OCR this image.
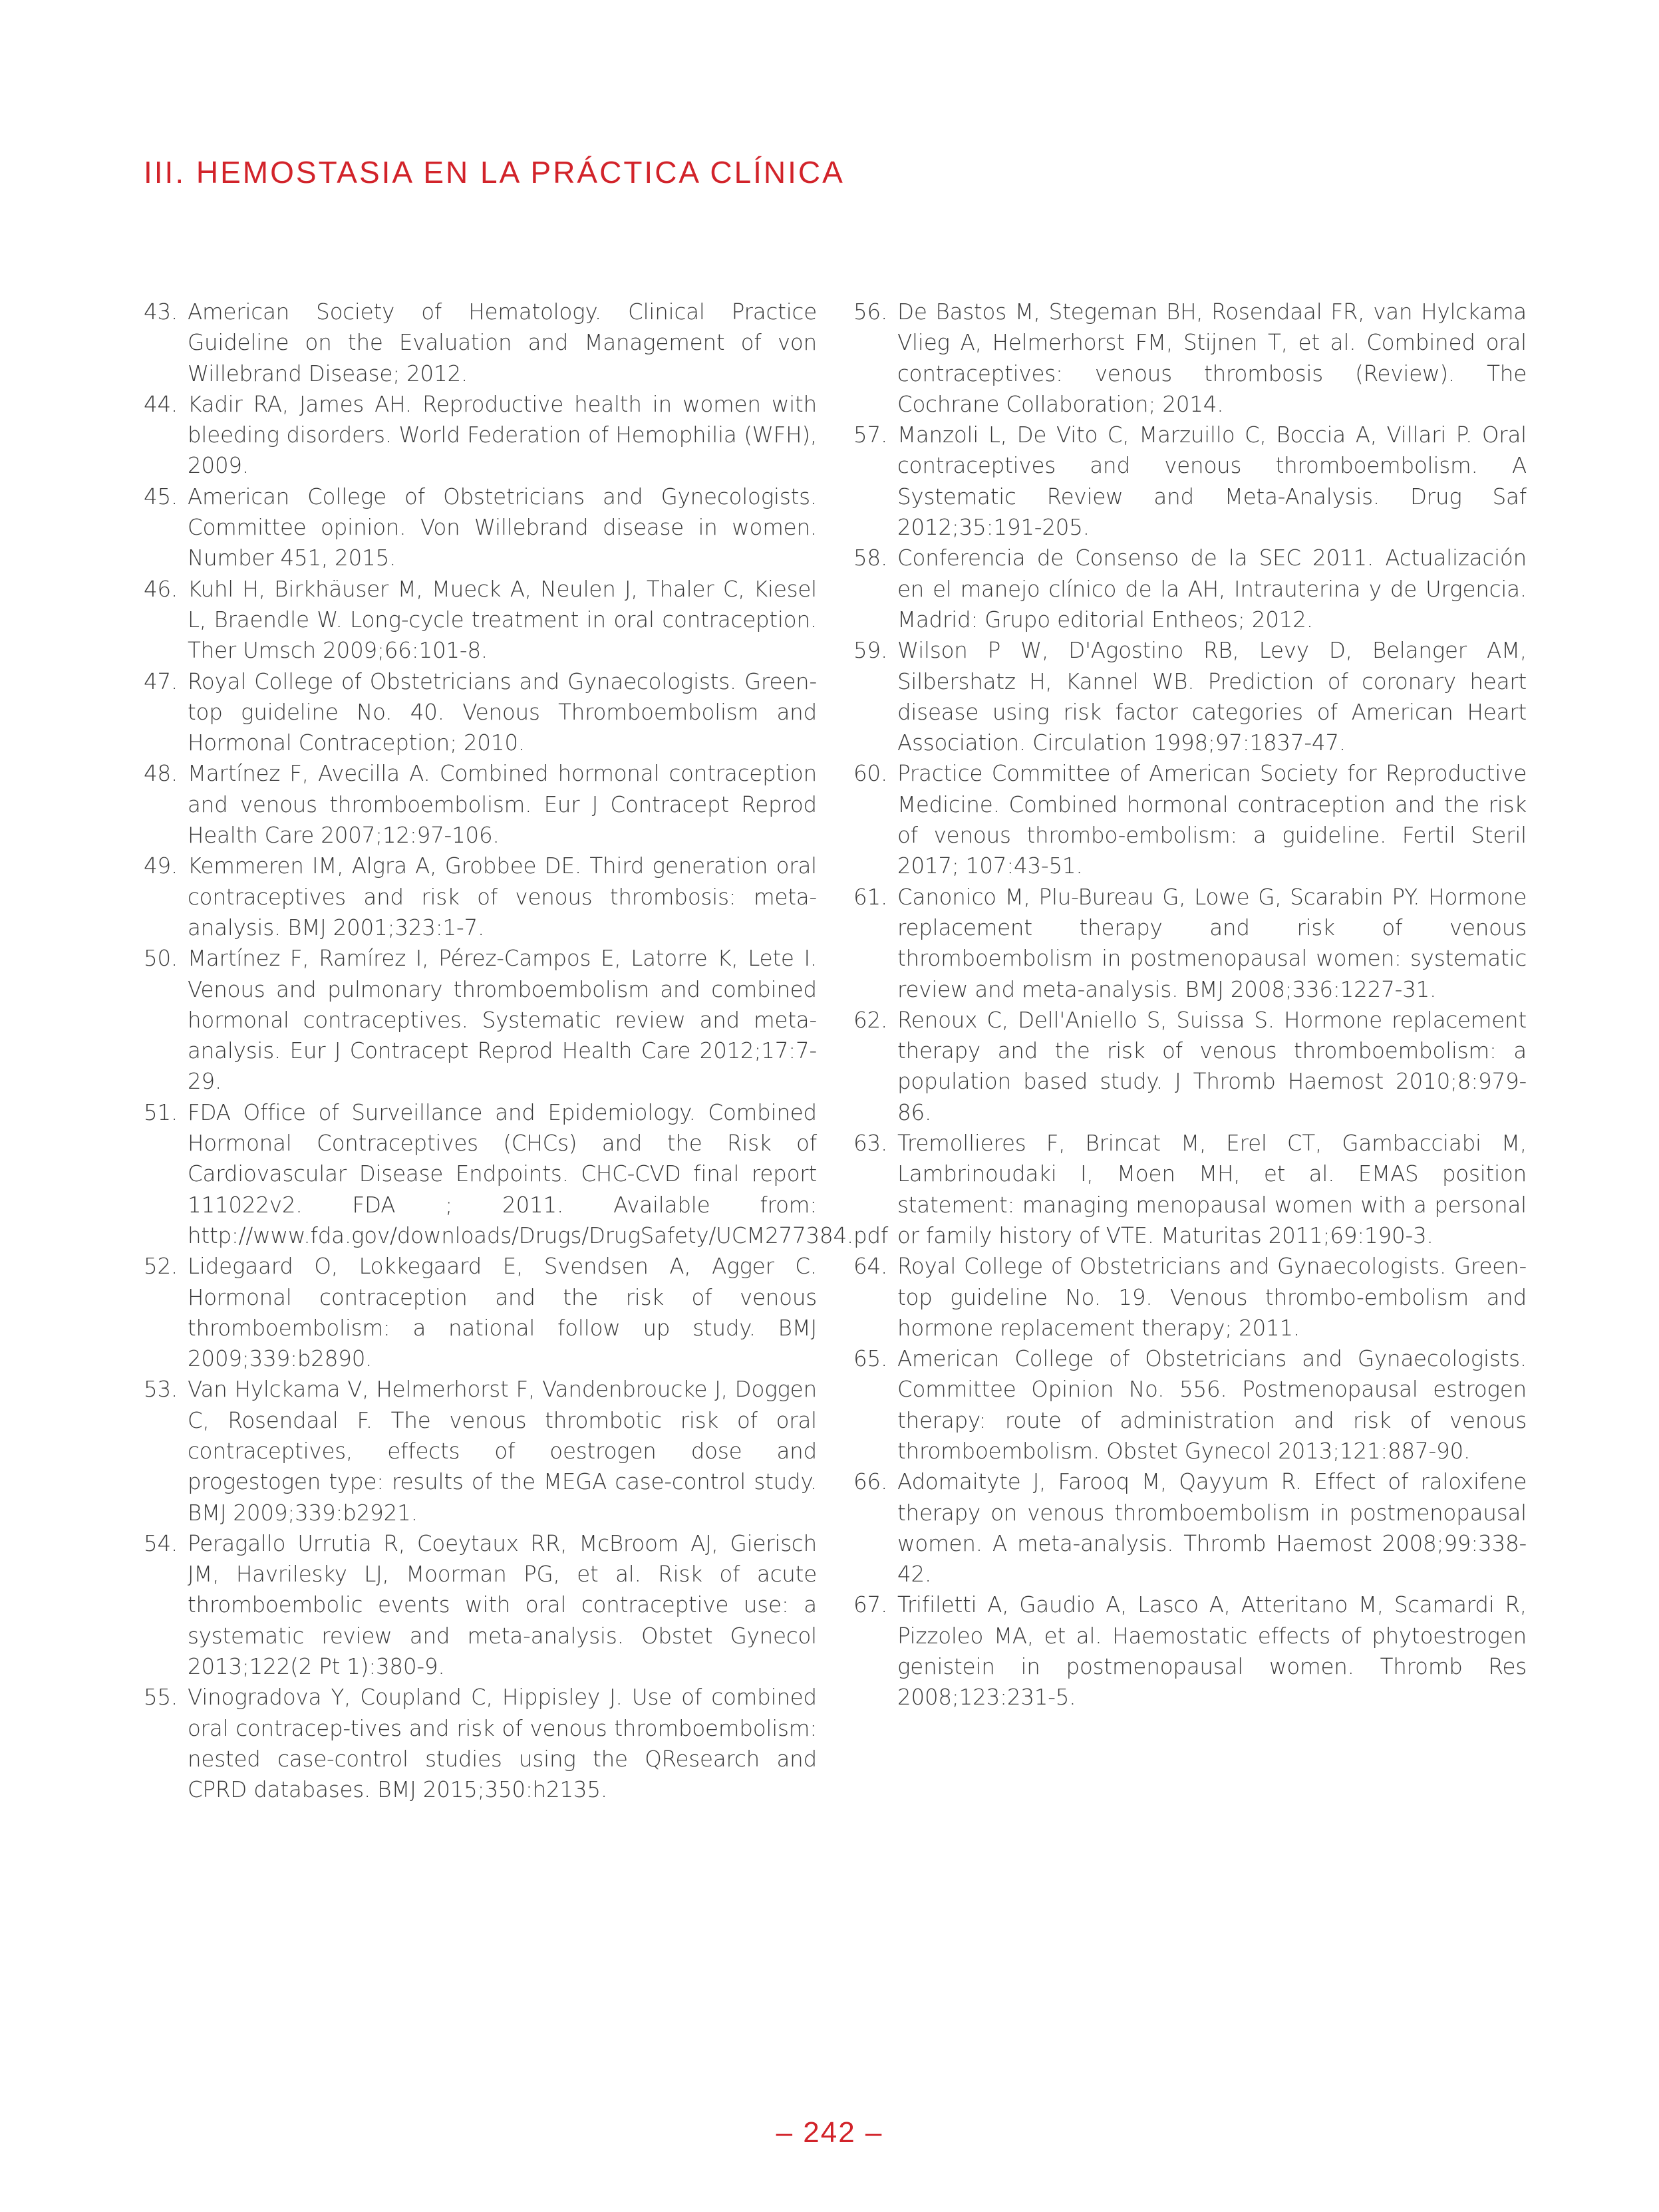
III. HEMOSTASIA EN LA PRÁCTICA CLÍNICA
43. American Society of Hematology. Clinical Practice Guideline on the Evaluation and Management of von Willebrand Disease; 2012.
44. Kadir RA, James AH. Reproductive health in women with bleeding disorders. World Federation of Hemophilia (WFH), 2009.
45. American College of Obstetricians and Gynecologists. Committee opinion. Von Willebrand disease in women. Number 451, 2015.
46. Kuhl H, Birkhäuser M, Mueck A, Neulen J, Thaler C, Kiesel L, Braendle W. Long-cycle treatment in oral contraception. Ther Umsch 2009;66:101-8.
47. Royal College of Obstetricians and Gynaecologists. Green-top guideline No. 40. Venous Thromboembolism and Hormonal Contraception; 2010.
48. Martínez F, Avecilla A. Combined hormonal contraception and venous thromboembolism. Eur J Contracept Reprod Health Care 2007;12:97-106.
49. Kemmeren IM, Algra A, Grobbee DE. Third generation oral contraceptives and risk of venous thrombosis: meta-analysis. BMJ 2001;323:1-7.
50. Martínez F, Ramírez I, Pérez-Campos E, Latorre K, Lete I. Venous and pulmonary thromboembolism and combined hormonal contraceptives. Systematic review and meta-analysis. Eur J Contracept Reprod Health Care 2012;17:7-29.
51. FDA Office of Surveillance and Epidemiology. Combined Hormonal Contraceptives (CHCs) and the Risk of Cardiovascular Disease Endpoints. CHC-CVD final report 111022v2. FDA ; 2011. Available from: http://www.fda.gov/downloads/Drugs/DrugSafety/UCM277384.pdf
52. Lidegaard O, Lokkegaard E, Svendsen A, Agger C. Hormonal contraception and the risk of venous thromboembolism: a national follow up study. BMJ 2009;339:b2890.
53. Van Hylckama V, Helmerhorst F, Vandenbroucke J, Doggen C, Rosendaal F. The venous thrombotic risk of oral contraceptives, effects of oestrogen dose and progestogen type: results of the MEGA case-control study. BMJ 2009;339:b2921.
54. Peragallo Urrutia R, Coeytaux RR, McBroom AJ, Gierisch JM, Havrilesky LJ, Moorman PG, et al. Risk of acute thromboembolic events with oral contraceptive use: a systematic review and meta-analysis. Obstet Gynecol 2013;122(2 Pt 1):380-9.
55. Vinogradova Y, Coupland C, Hippisley J. Use of combined oral contracep-tives and risk of venous thromboembolism: nested case-control studies using the QResearch and CPRD databases. BMJ 2015;350:h2135.
56. De Bastos M, Stegeman BH, Rosendaal FR, van Hylckama Vlieg A, Helmerhorst FM, Stijnen T, et al. Combined oral contraceptives: venous thrombosis (Review). The Cochrane Collaboration; 2014.
57. Manzoli L, De Vito C, Marzuillo C, Boccia A, Villari P. Oral contraceptives and venous thromboembolism. A Systematic Review and Meta-Analysis. Drug Saf 2012;35:191-205.
58. Conferencia de Consenso de la SEC 2011. Actualización en el manejo clínico de la AH, Intrauterina y de Urgencia. Madrid: Grupo editorial Entheos; 2012.
59. Wilson P W, D'Agostino RB, Levy D, Belanger AM, Silbershatz H, Kannel WB. Prediction of coronary heart disease using risk factor categories of American Heart Association. Circulation 1998;97:1837-47.
60. Practice Committee of American Society for Reproductive Medicine. Combined hormonal contraception and the risk of venous thrombo-embolism: a guideline. Fertil Steril 2017; 107:43-51.
61. Canonico M, Plu-Bureau G, Lowe G, Scarabin PY. Hormone replacement therapy and risk of venous thromboembolism in postmenopausal women: systematic review and meta-analysis. BMJ 2008;336:1227-31.
62. Renoux C, Dell'Aniello S, Suissa S. Hormone replacement therapy and the risk of venous thromboembolism: a population based study. J Thromb Haemost 2010;8:979-86.
63. Tremollieres F, Brincat M, Erel CT, Gambacciabi M, Lambrinoudaki I, Moen MH, et al. EMAS position statement: managing menopausal women with a personal or family history of VTE. Maturitas 2011;69:190-3.
64. Royal College of Obstetricians and Gynaecologists. Green-top guideline No. 19. Venous thrombo-embolism and hormone replacement therapy; 2011.
65. American College of Obstetricians and Gynaecologists. Committee Opinion No. 556. Postmenopausal estrogen therapy: route of administration and risk of venous thromboembolism. Obstet Gynecol 2013;121:887-90.
66. Adomaityte J, Farooq M, Qayyum R. Effect of raloxifene therapy on venous thromboembolism in postmenopausal women. A meta-analysis. Thromb Haemost 2008;99:338-42.
67. Trifiletti A, Gaudio A, Lasco A, Atteritano M, Scamardi R, Pizzoleo MA, et al. Haemostatic effects of phytoestrogen genistein in postmenopausal women. Thromb Res 2008;123:231-5.
– 242 –
